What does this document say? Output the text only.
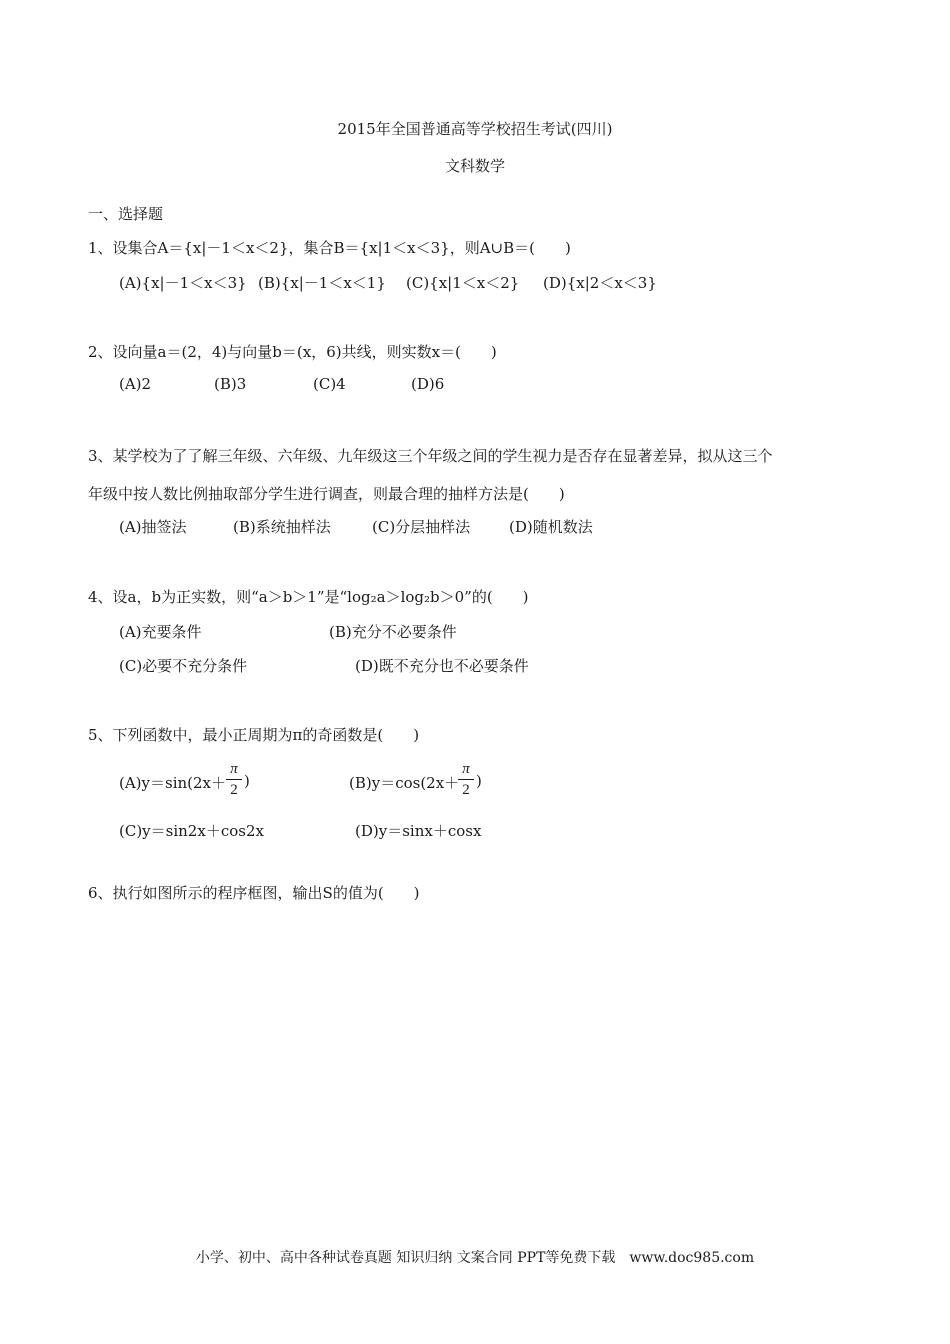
2015年全国普通高等学校招生考试(四川)
文科数学
一、选择题
1、设集合A＝{x|－1＜x＜2}，集合B＝{x|1＜x＜3}，则A∪B＝(　　)
(A){x|－1＜x＜3} (B){x|－1＜x＜1} (C){x|1＜x＜2} (D){x|2＜x＜3}
2、设向量a＝(2，4)与向量b＝(x，6)共线，则实数x＝(　　)
(A)2	(B)3	(C)4	(D)6
3、某学校为了了解三年级、六年级、九年级这三个年级之间的学生视力是否存在显著差异，拟从这三个
年级中按人数比例抽取部分学生进行调查，则最合理的抽样方法是(　　)
(A)抽签法	(B)系统抽样法	(C)分层抽样法	(D)随机数法
4、设a，b为正实数，则“a＞b＞1”是“log₂a＞log₂b＞0”的(　　)
(A)充要条件	(B)充分不必要条件
(C)必要不充分条件	(D)既不充分也不必要条件
5、下列函数中，最小正周期为π的奇函数是(　　)
(A)y＝sin(2x＋
π
2 )	(B)y＝cos(2x＋
π
2 )
(C)y＝sin2x＋cos2x	(D)y＝sinx＋cosx
6、执行如图所示的程序框图，输出S的值为(　　)
小学、初中、高中各种试卷真题 知识归纳 文案合同 PPT等免费下载　www.doc985.com
